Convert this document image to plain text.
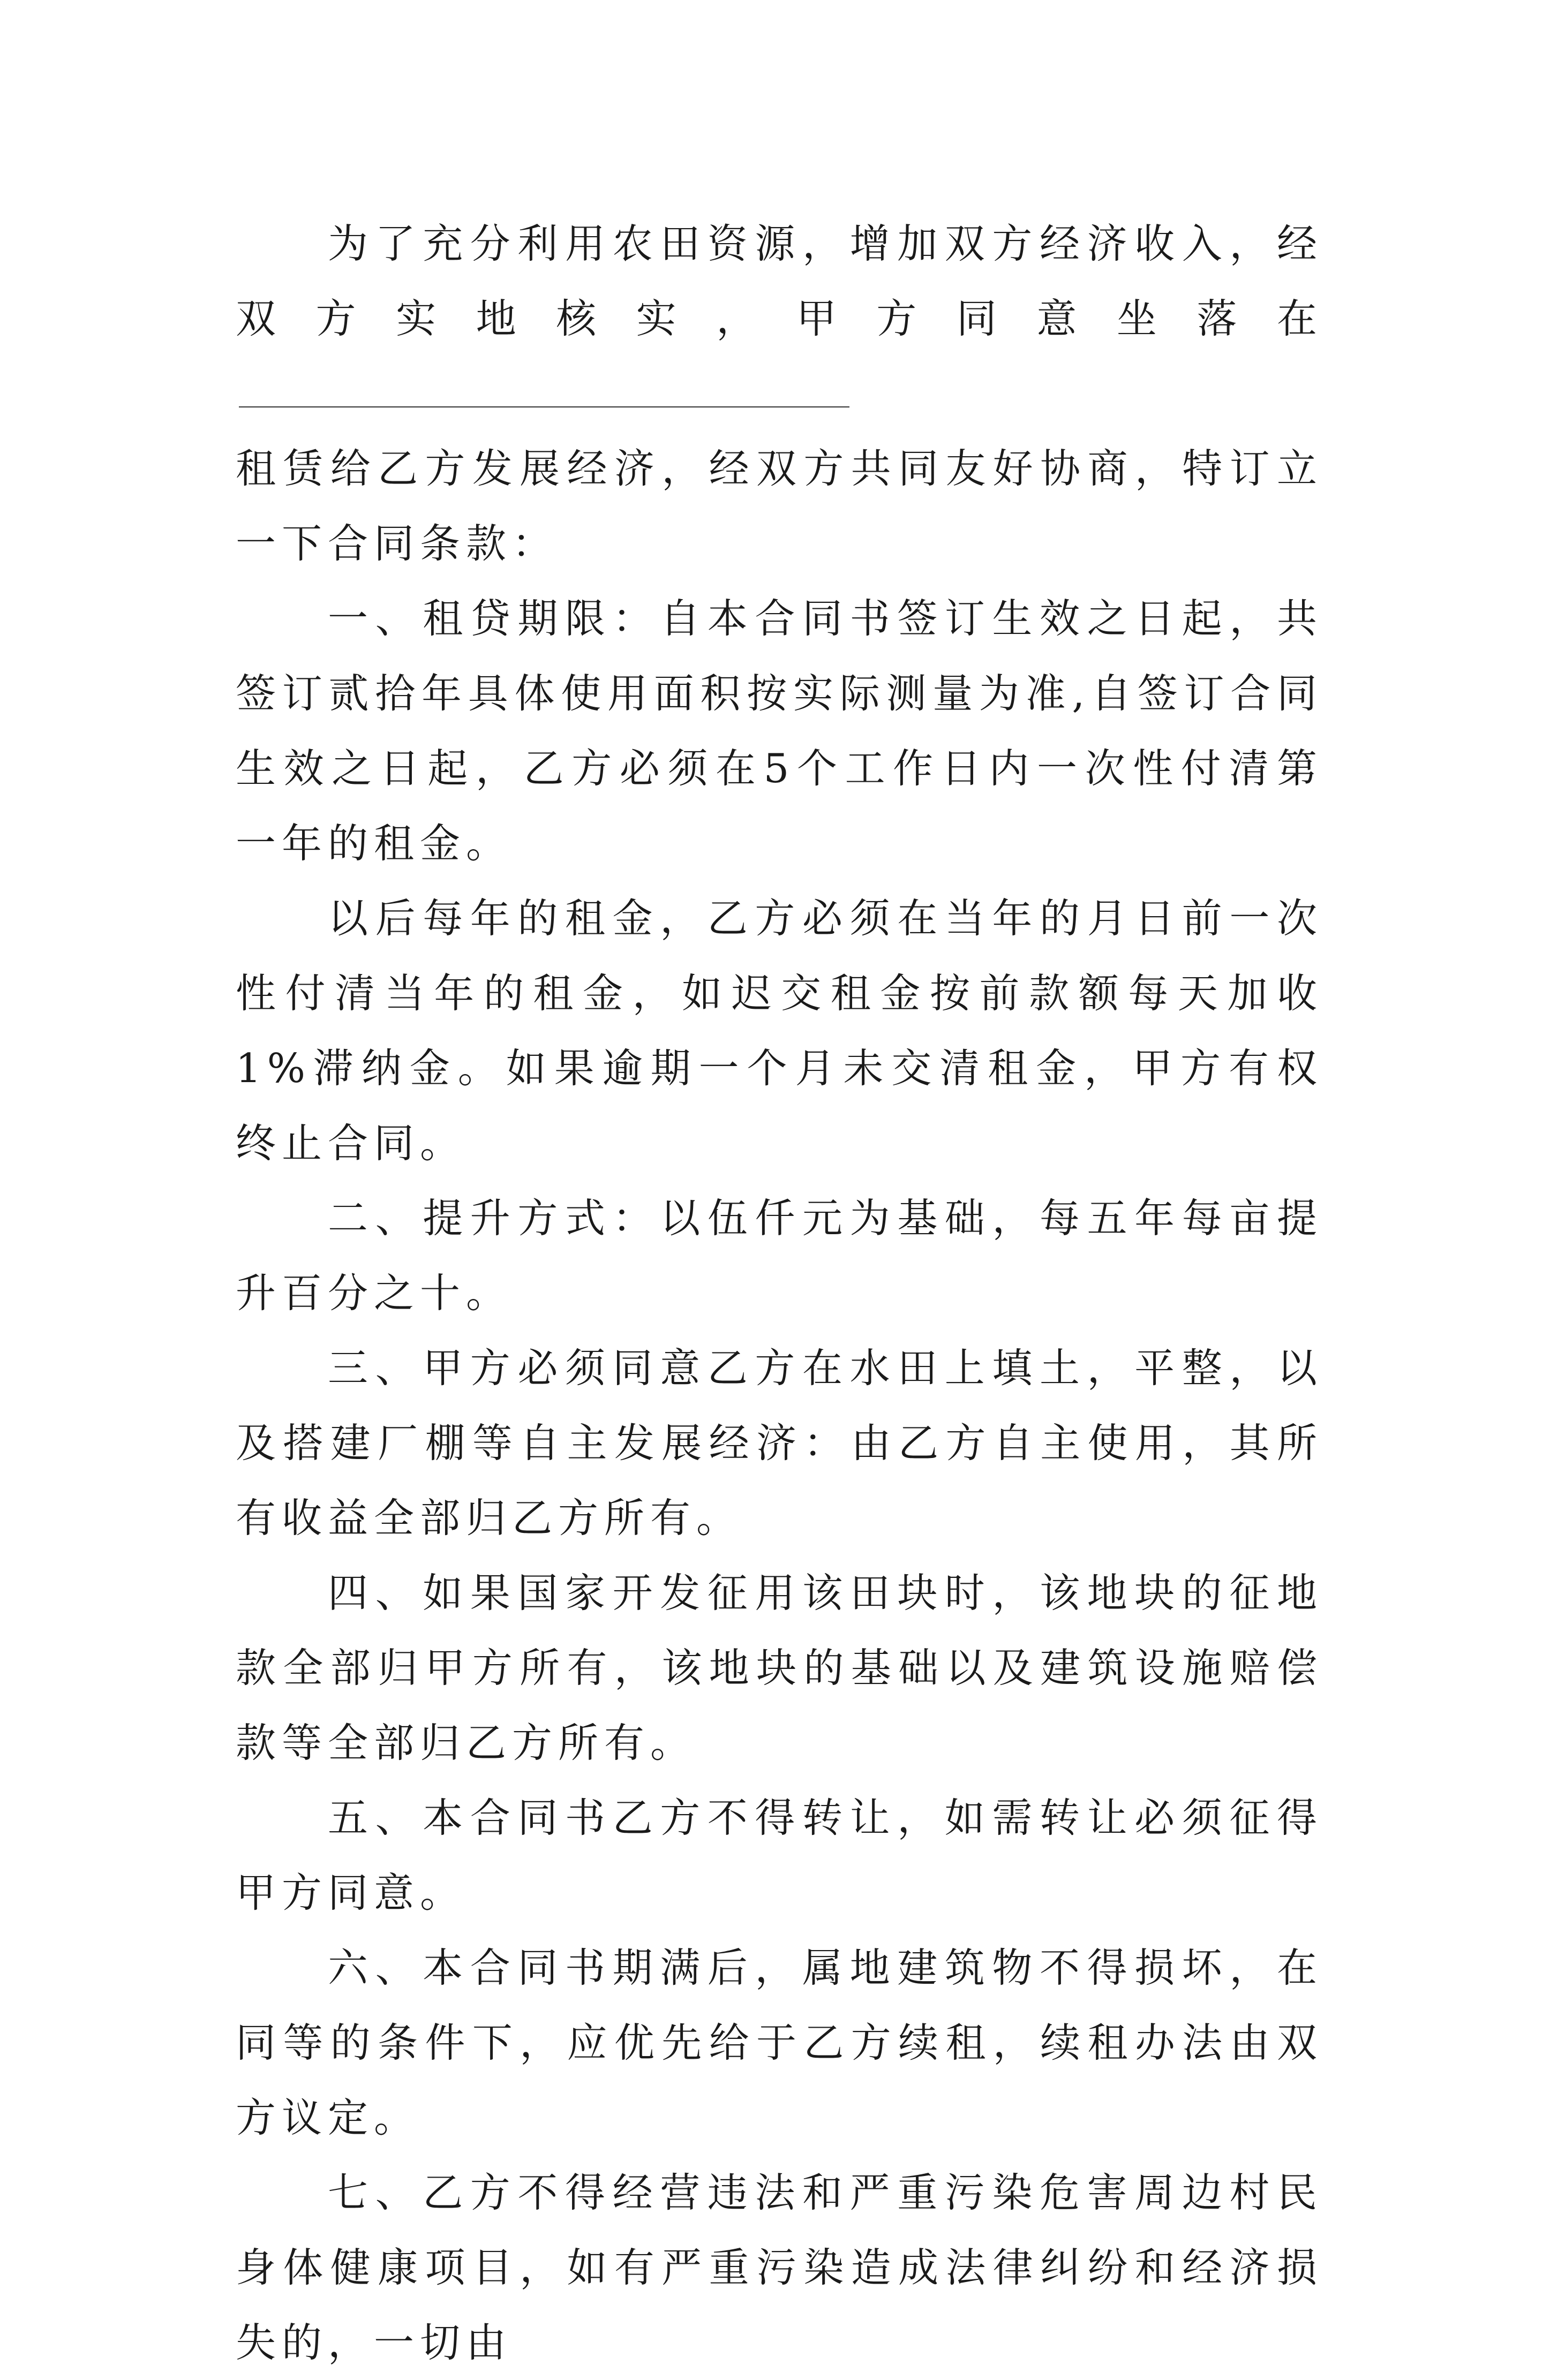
为了充分利用农田资源，增加双方经济收入，经双方实地核实，甲方同意坐落在
租赁给乙方发展经济，经双方共同友好协商，特订立一下合同条款：

一、租贷期限：自本合同书签订生效之日起，共签订贰拾年具体使用面积按实际测量为准,自签订合同生效之日起，乙方必须在5个工作日内一次性付清第一年的租金。

以后每年的租金，乙方必须在当年的月日前一次性付清当年的租金，如迟交租金按前款额每天加收1%滞纳金。如果逾期一个月未交清租金，甲方有权终止合同。

二、提升方式：以伍仟元为基础，每五年每亩提升百分之十。

三、甲方必须同意乙方在水田上填土，平整，以及搭建厂棚等自主发展经济：由乙方自主使用，其所有收益全部归乙方所有。

四、如果国家开发征用该田块时，该地块的征地款全部归甲方所有，该地块的基础以及建筑设施赔偿款等全部归乙方所有。

五、本合同书乙方不得转让，如需转让必须征得甲方同意。

六、本合同书期满后，属地建筑物不得损坏，在同等的条件下，应优先给于乙方续租，续租办法由双方议定。

七、乙方不得经营违法和严重污染危害周边村民身体健康项目，如有严重污染造成法律纠纷和经济损失的，一切由
